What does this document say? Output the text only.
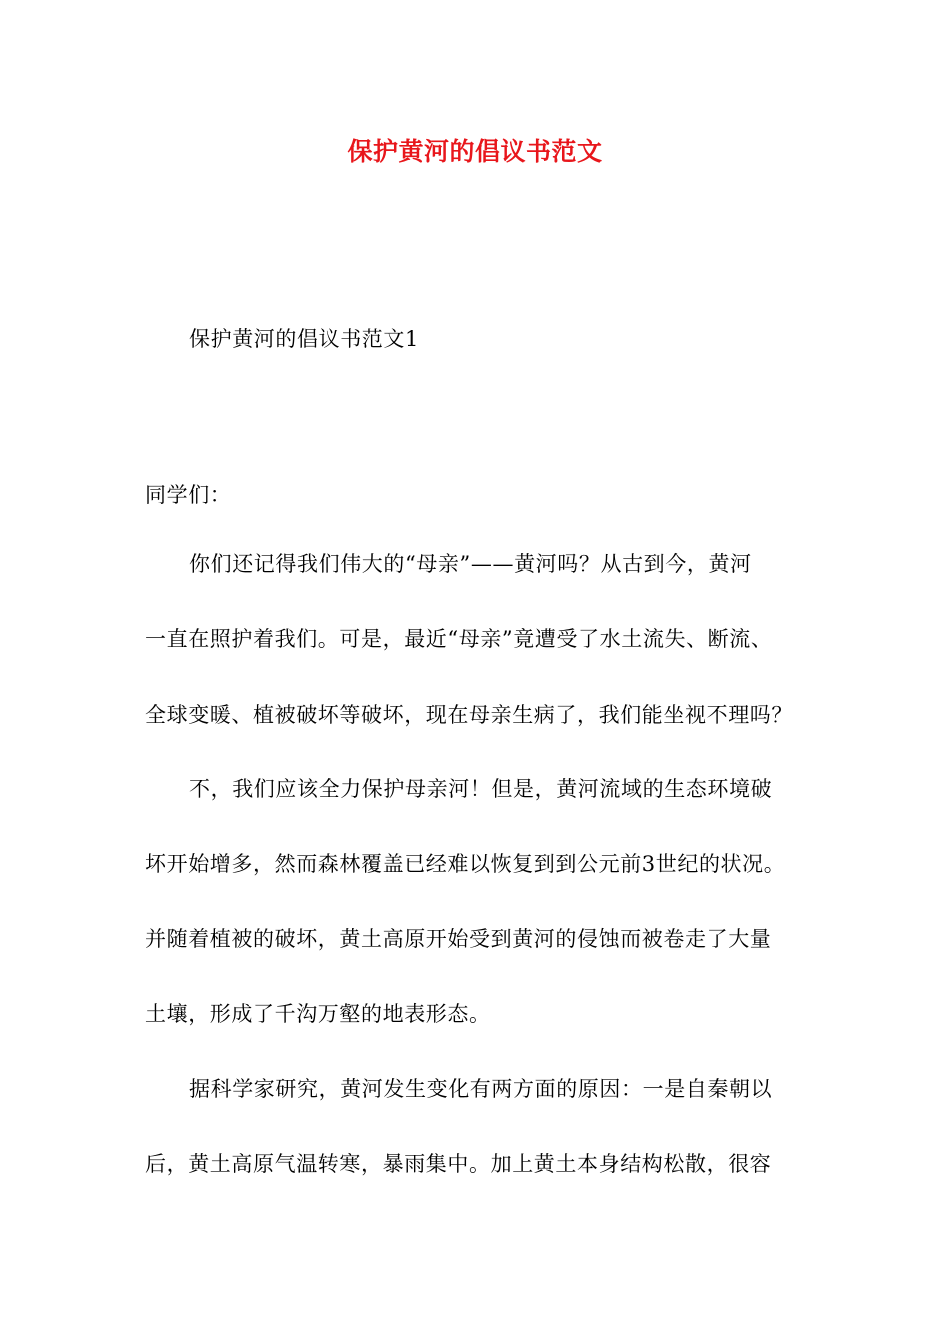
保护黄河的倡议书范文
保护黄河的倡议书范文1
同学们：
你们还记得我们伟大的“母亲”——黄河吗？从古到今，黄河
一直在照护着我们。可是，最近“母亲”竟遭受了水土流失、断流、
全球变暖、植被破坏等破坏，现在母亲生病了，我们能坐视不理吗？
不，我们应该全力保护母亲河！但是，黄河流域的生态环境破
坏开始增多，然而森林覆盖已经难以恢复到到公元前3世纪的状况。
并随着植被的破坏，黄土高原开始受到黄河的侵蚀而被卷走了大量
土壤，形成了千沟万壑的地表形态。
据科学家研究，黄河发生变化有两方面的原因：一是自秦朝以
后，黄土高原气温转寒，暴雨集中。加上黄土本身结构松散，很容
